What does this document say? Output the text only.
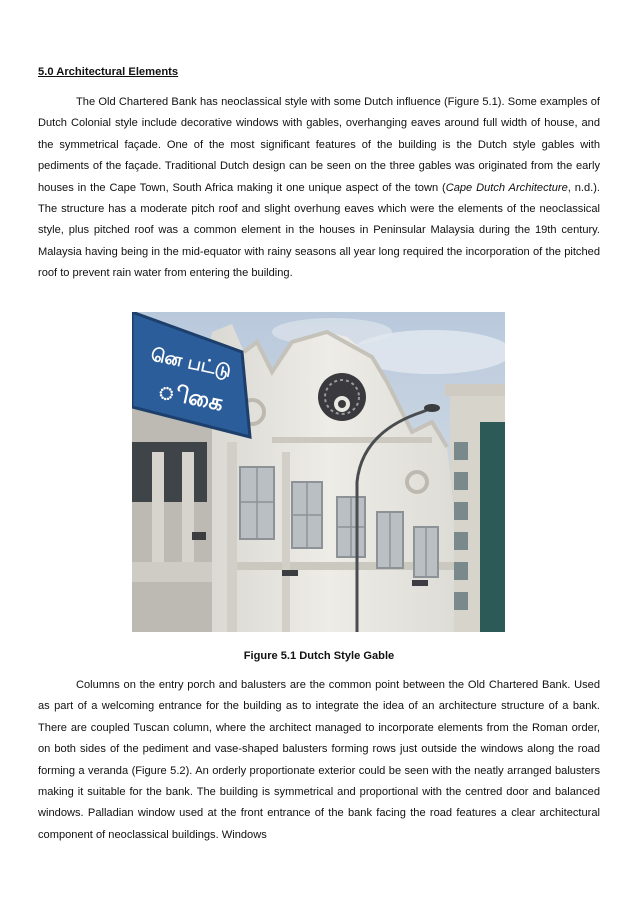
5.0 Architectural Elements

The Old Chartered Bank has neoclassical style with some Dutch influence (Figure 5.1). Some examples of Dutch Colonial style include decorative windows with gables, overhanging eaves around full width of house, and the symmetrical façade. One of the most significant features of the building is the Dutch style gables with pediments of the façade. Traditional Dutch design can be seen on the three gables was originated from the early houses in the Cape Town, South Africa making it one unique aspect of the town (Cape Dutch Architecture, n.d.). The structure has a moderate pitch roof and slight overhung eaves which were the elements of the neoclassical style, plus pitched roof was a common element in the houses in Peninsular Malaysia during the 19th century. Malaysia having being in the mid-equator with rainy seasons all year long required the incorporation of the pitched roof to prevent rain water from entering the building.

னெ பட்டு
ிகை

Figure 5.1 Dutch Style Gable

Columns on the entry porch and balusters are the common point between the Old Chartered Bank. Used as part of a welcoming entrance for the building as to integrate the idea of an architecture structure of a bank. There are coupled Tuscan column, where the architect managed to incorporate elements from the Roman order, on both sides of the pediment and vase-shaped balusters forming rows just outside the windows along the road forming a veranda (Figure 5.2). An orderly proportionate exterior could be seen with the neatly arranged balusters making it suitable for the bank. The building is symmetrical and proportional with the centred door and balanced windows. Palladian window used at the front entrance of the bank facing the road features a clear architectural component of neoclassical buildings. Windows
